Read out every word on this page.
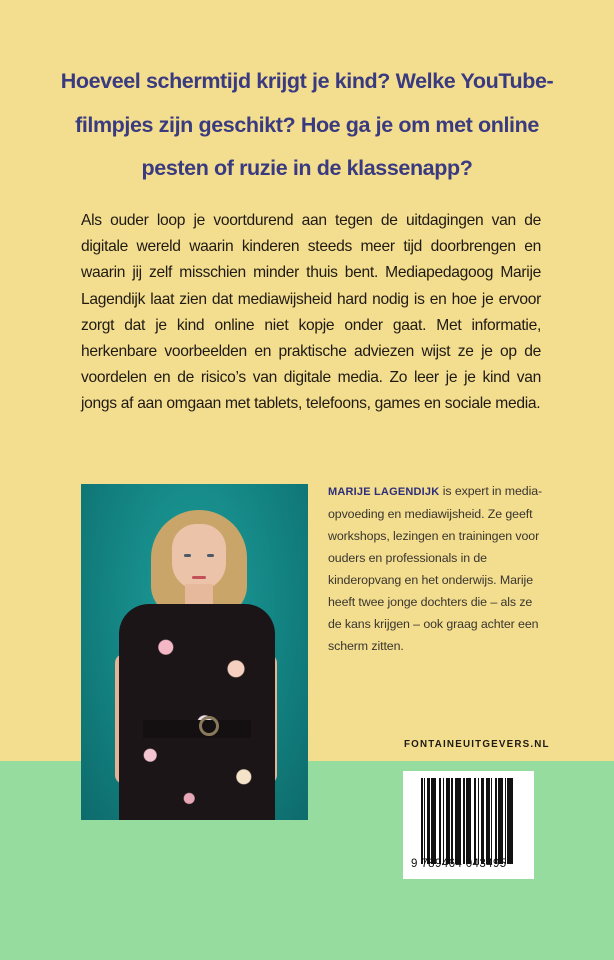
Hoeveel schermtijd krijgt je kind? Welke YouTube-filmpjes zijn geschikt? Hoe ga je om met online pesten of ruzie in de klassenapp?
Als ouder loop je voortdurend aan tegen de uitdagingen van de digitale wereld waarin kinderen steeds meer tijd doorbrengen en waarin jij zelf misschien minder thuis bent. Mediapedagoog Marije Lagendijk laat zien dat mediawijsheid hard nodig is en hoe je ervoor zorgt dat je kind online niet kopje onder gaat. Met informatie, herkenbare voorbeelden en praktische adviezen wijst ze je op de voordelen en de risico’s van digitale media. Zo leer je je kind van jongs af aan omgaan met tablets, telefoons, games en sociale media.
MARIJE LAGENDIJK is expert in mediaopvoeding en mediawijsheid. Ze geeft workshops, lezingen en trainingen voor ouders en professionals in de kinderopvang en het onderwijs. Marije heeft twee jonge dochters die – als ze de kans krijgen – ook graag achter een scherm zitten.
FONTAINEUITGEVERS.NL
9 789464 043495
